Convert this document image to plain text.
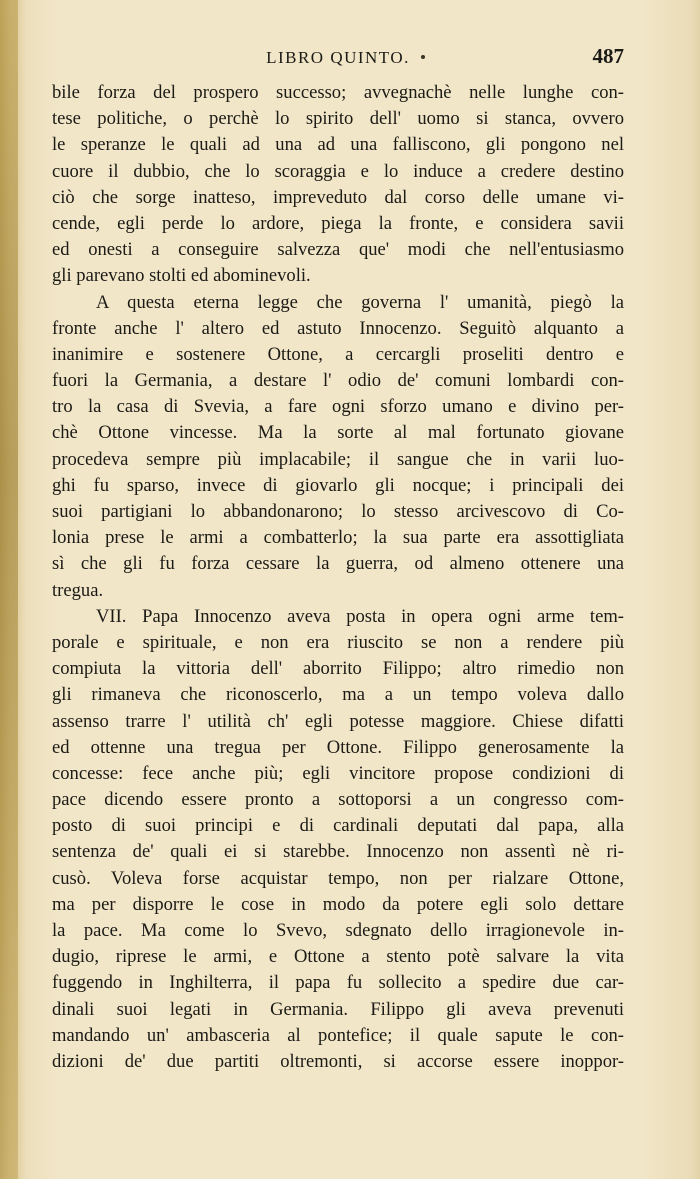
LIBRO QUINTO.	487
bile forza del prospero successo; avvegnachè nelle lunghe con-
tese politiche, o perchè lo spirito dell' uomo si stanca, ovvero
le speranze le quali ad una ad una falliscono, gli pongono nel
cuore il dubbio, che lo scoraggia e lo induce a credere destino
ciò che sorge inatteso, impreveduto dal corso delle umane vi-
cende, egli perde lo ardore, piega la fronte, e considera savii
ed onesti a conseguire salvezza que' modi che nell'entusiasmo
gli parevano stolti ed abominevoli.
A questa eterna legge che governa l' umanità, piegò la
fronte anche l' altero ed astuto Innocenzo. Seguitò alquanto a
inanimire e sostenere Ottone, a cercargli proseliti dentro e
fuori la Germania, a destare l' odio de' comuni lombardi con-
tro la casa di Svevia, a fare ogni sforzo umano e divino per-
chè Ottone vincesse. Ma la sorte al mal fortunato giovane
procedeva sempre più implacabile; il sangue che in varii luo-
ghi fu sparso, invece di giovarlo gli nocque; i principali dei
suoi partigiani lo abbandonarono; lo stesso arcivescovo di Co-
lonia prese le armi a combatterlo; la sua parte era assottigliata
sì che gli fu forza cessare la guerra, od almeno ottenere una
tregua.
VII. Papa Innocenzo aveva posta in opera ogni arme tem-
porale e spirituale, e non era riuscito se non a rendere più
compiuta la vittoria dell' aborrito Filippo; altro rimedio non
gli rimaneva che riconoscerlo, ma a un tempo voleva dallo
assenso trarre l' utilità ch' egli potesse maggiore. Chiese difatti
ed ottenne una tregua per Ottone. Filippo generosamente la
concesse: fece anche più; egli vincitore propose condizioni di
pace dicendo essere pronto a sottoporsi a un congresso com-
posto di suoi principi e di cardinali deputati dal papa, alla
sentenza de' quali ei si starebbe. Innocenzo non assentì nè ri-
cusò. Voleva forse acquistar tempo, non per rialzare Ottone,
ma per disporre le cose in modo da potere egli solo dettare
la pace. Ma come lo Svevo, sdegnato dello irragionevole in-
dugio, riprese le armi, e Ottone a stento potè salvare la vita
fuggendo in Inghilterra, il papa fu sollecito a spedire due car-
dinali suoi legati in Germania. Filippo gli aveva prevenuti
mandando un' ambasceria al pontefice; il quale sapute le con-
dizioni de' due partiti oltremonti, si accorse essere inoppor-
